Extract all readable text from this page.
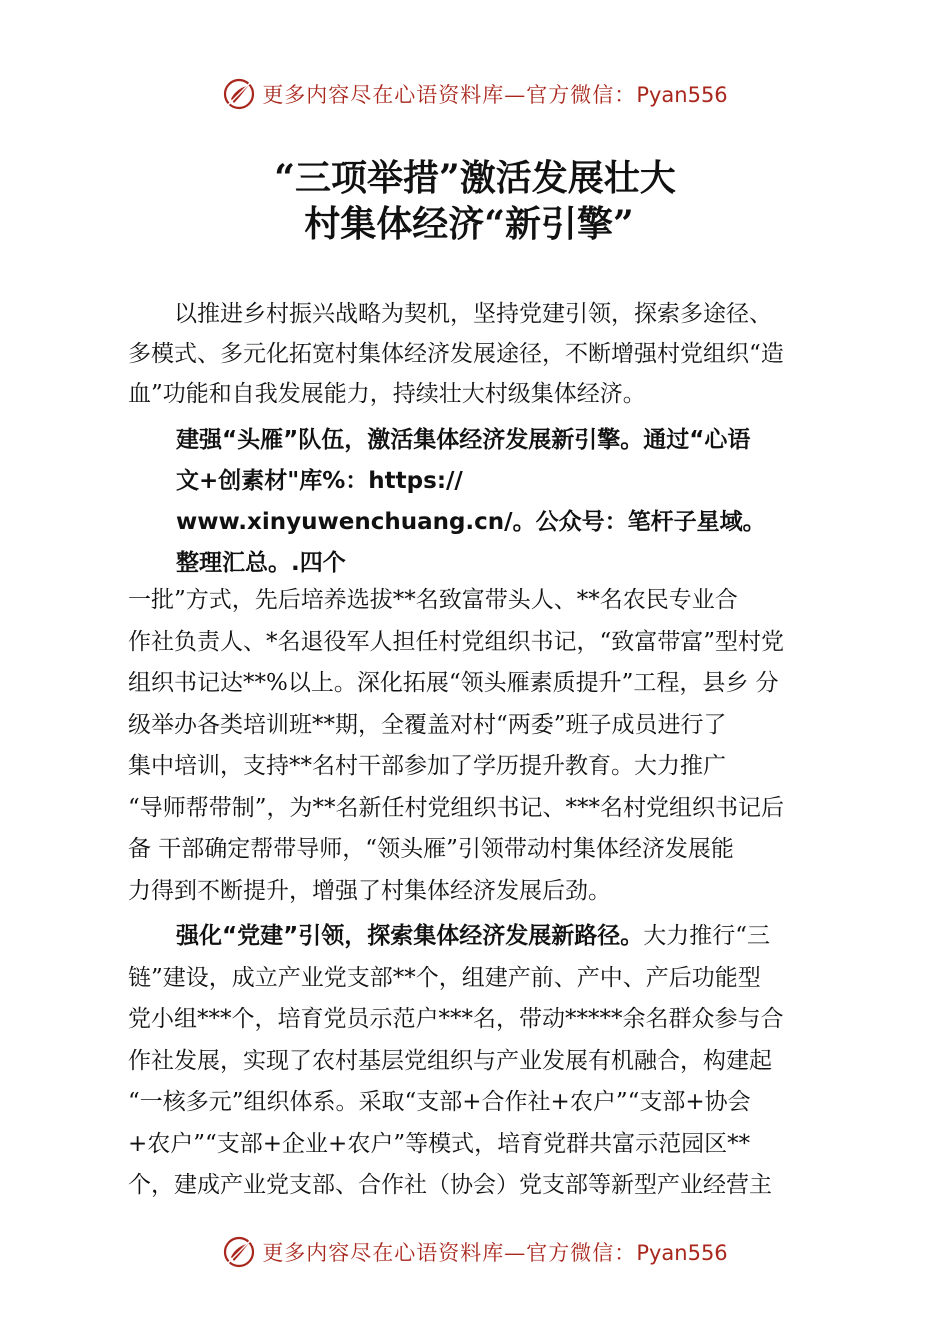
更多内容尽在心语资料库—官方微信：Pyan556
“三项举措”激活发展壮大
村集体经济“新引擎”
以推进乡村振兴战略为契机，坚持党建引领，探索多途径、
多模式、多元化拓宽村集体经济发展途径，不断增强村党组织“造
血”功能和自我发展能力，持续壮大村级集体经济。
建强“头雁”队伍，激活集体经济发展新引擎。通过“心语
文+创素材"库%：https://
www.xinyuwenchuang.cn/。公众号：笔杆子星域。
整理汇总。.四个
一批”方式，先后培养选拔**名致富带头人、**名农民专业合
作社负责人、*名退役军人担任村党组织书记，“致富带富”型村党
组织书记达**%以上。深化拓展“领头雁素质提升”工程，县乡 分
级举办各类培训班**期，全覆盖对村“两委”班子成员进行了
集中培训，支持**名村干部参加了学历提升教育。大力推广
“导师帮带制”，为**名新任村党组织书记、***名村党组织书记后
备 干部确定帮带导师，“领头雁”引领带动村集体经济发展能
力得到不断提升，增强了村集体经济发展后劲。
强化“党建”引领，探索集体经济发展新路径。大力推行“三
链”建设，成立产业党支部**个，组建产前、产中、产后功能型
党小组***个，培育党员示范户***名，带动*****余名群众参与合
作社发展，实现了农村基层党组织与产业发展有机融合，构建起
“一核多元”组织体系。采取“支部+合作社+农户”“支部+协会
+农户”“支部+企业+农户”等模式，培育党群共富示范园区**
个，建成产业党支部、合作社（协会）党支部等新型产业经营主
更多内容尽在心语资料库—官方微信：Pyan556
